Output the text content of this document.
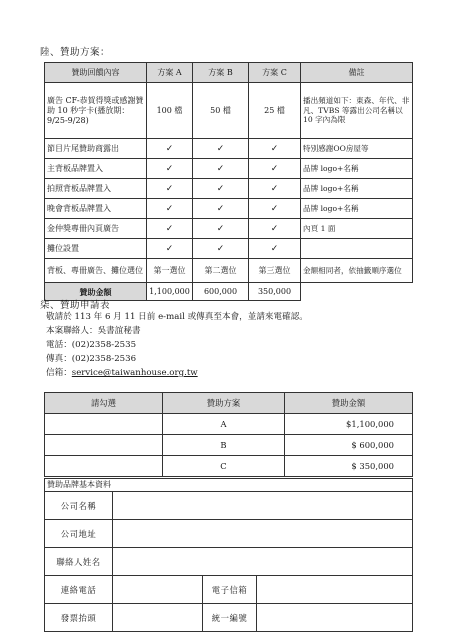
陸、贊助方案：
贊助回饋內容	方案 A	方案 B	方案 C	備註
廣告 CF-恭賀得獎或感謝贊助 10 秒字卡(播放期：9/25-9/28)	100 檔	50 檔	25 檔	播出頻道如下：東森、年代、非凡、TVBS 等露出公司名稱以 10 字內為限
節目片尾贊助商露出	✓	✓	✓	特別感謝OO房屋等
主背板品牌置入	✓	✓	✓	品牌 logo+名稱
拍照背板品牌置入	✓	✓	✓	品牌 logo+名稱
晚會背板品牌置入	✓	✓	✓	品牌 logo+名稱
金仲獎專冊內頁廣告	✓	✓	✓	內頁 1 面
攤位設置	✓	✓	✓	
背板、專冊廣告、攤位選位	第一選位	第二選位	第三選位	金額相同者，依抽籤順序選位
贊助金額	1,100,000	600,000	350,000	
柒、贊助申請表
敬請於 113 年 6 月 11 日前 e-mail 或傳真至本會，並請來電確認。
本案聯絡人：吳書誼秘書
電話：(02)2358-2535
傳真：(02)2358-2536
信箱：service@taiwanhouse.org.tw
請勾選	贊助方案	贊助金額
	A	$1,100,000
	B	$ 600,000
	C	$ 350,000
贊助品牌基本資料			
公司名稱			
公司地址			
聯絡人姓名			
連絡電話		電子信箱	
發票抬頭		統一編號	
